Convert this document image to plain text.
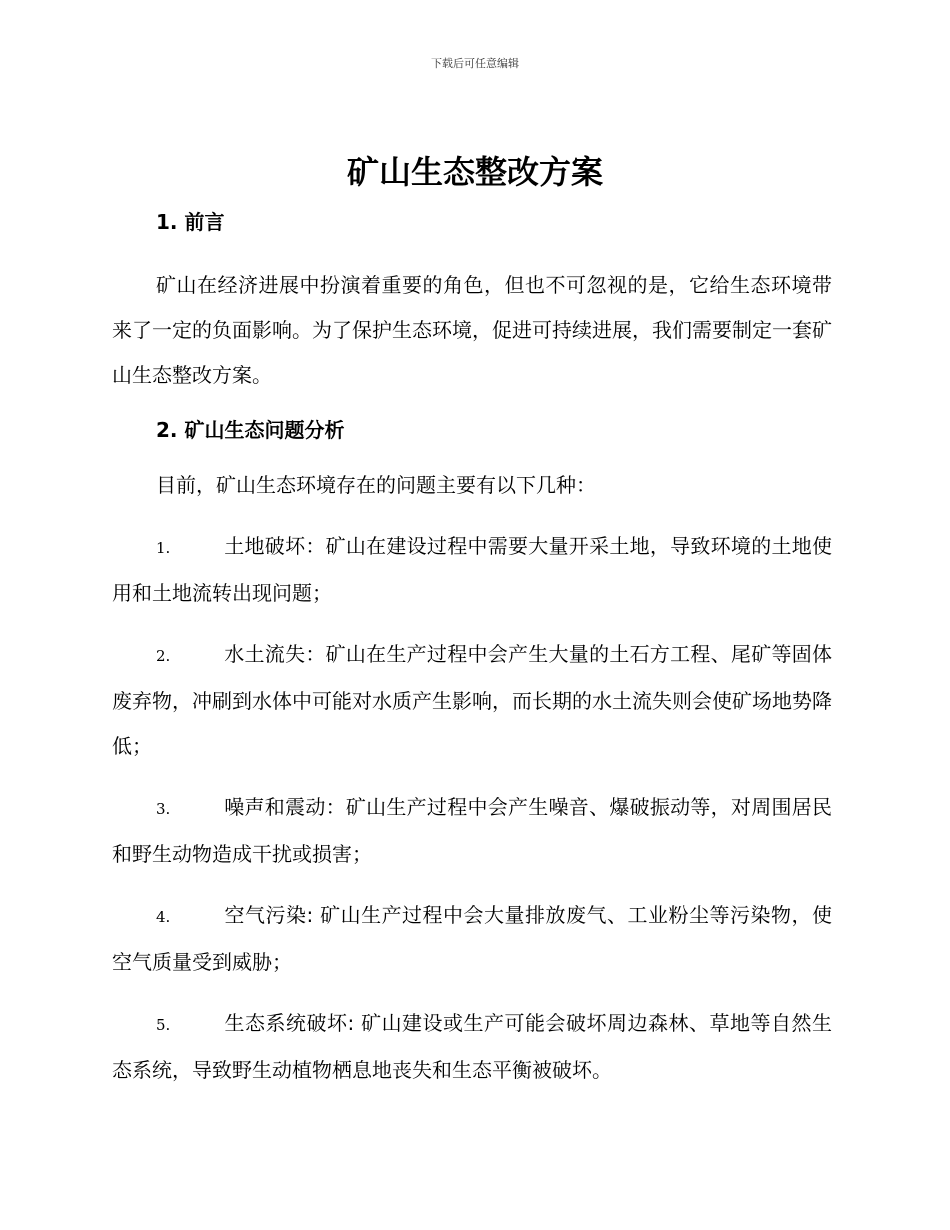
下载后可任意编辑
矿山生态整改方案
1. 前言

矿山在经济进展中扮演着重要的角色，但也不可忽视的是，它给生态环境带来了一定的负面影响。为了保护生态环境，促进可持续进展，我们需要制定一套矿山生态整改方案。

2. 矿山生态问题分析

目前，矿山生态环境存在的问题主要有以下几种：

1.	土地破坏：矿山在建设过程中需要大量开采土地，导致环境的土地使用和土地流转出现问题；

2.	水土流失：矿山在生产过程中会产生大量的土石方工程、尾矿等固体废弃物，冲刷到水体中可能对水质产生影响，而长期的水土流失则会使矿场地势降低；

3.	噪声和震动：矿山生产过程中会产生噪音、爆破振动等，对周围居民和野生动物造成干扰或损害；

4.	空气污染: 矿山生产过程中会大量排放废气、工业粉尘等污染物，使空气质量受到威胁；

5.	生态系统破坏: 矿山建设或生产可能会破坏周边森林、草地等自然生态系统，导致野生动植物栖息地丧失和生态平衡被破坏。
